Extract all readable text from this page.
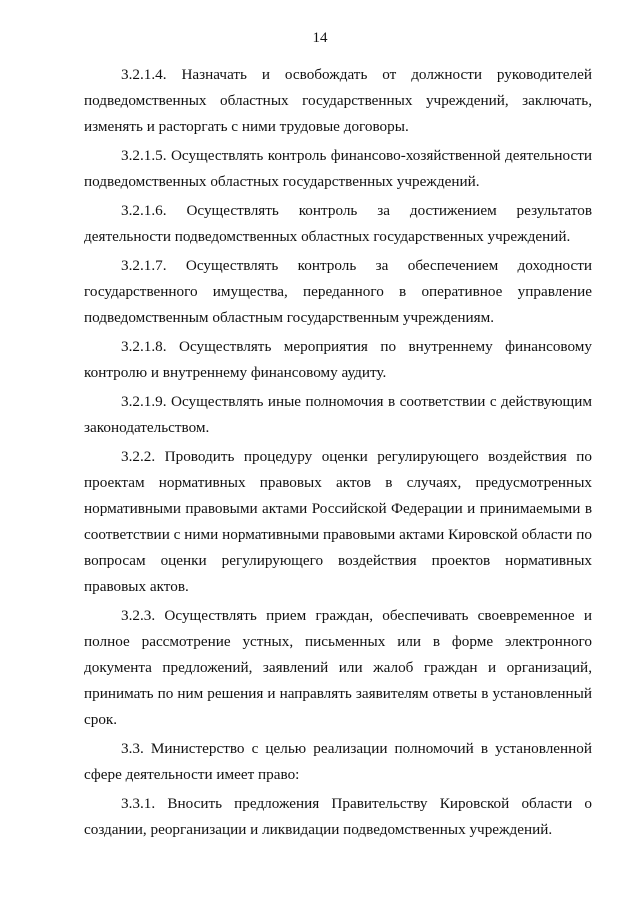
14

3.2.1.4. Назначать и освобождать от должности руководителей подведомственных областных государственных учреждений, заключать, изменять и расторгать с ними трудовые договоры.

3.2.1.5. Осуществлять контроль финансово-хозяйственной деятельности подведомственных областных государственных учреждений.

3.2.1.6. Осуществлять контроль за достижением результатов деятельности подведомственных областных государственных учреждений.

3.2.1.7. Осуществлять контроль за обеспечением доходности государственного имущества, переданного в оперативное управление подведомственным областным государственным учреждениям.

3.2.1.8. Осуществлять мероприятия по внутреннему финансовому контролю и внутреннему финансовому аудиту.

3.2.1.9. Осуществлять иные полномочия в соответствии с действующим законодательством.

3.2.2. Проводить процедуру оценки регулирующего воздействия по проектам нормативных правовых актов в случаях, предусмотренных нормативными правовыми актами Российской Федерации и принимаемыми в соответствии с ними нормативными правовыми актами Кировской области по вопросам оценки регулирующего воздействия проектов нормативных правовых актов.

3.2.3. Осуществлять прием граждан, обеспечивать своевременное и полное рассмотрение устных, письменных или в форме электронного документа предложений, заявлений или жалоб граждан и организаций, принимать по ним решения и направлять заявителям ответы в установленный срок.

3.3. Министерство с целью реализации полномочий в установленной сфере деятельности имеет право:

3.3.1. Вносить предложения Правительству Кировской области о создании, реорганизации и ликвидации подведомственных учреждений.
